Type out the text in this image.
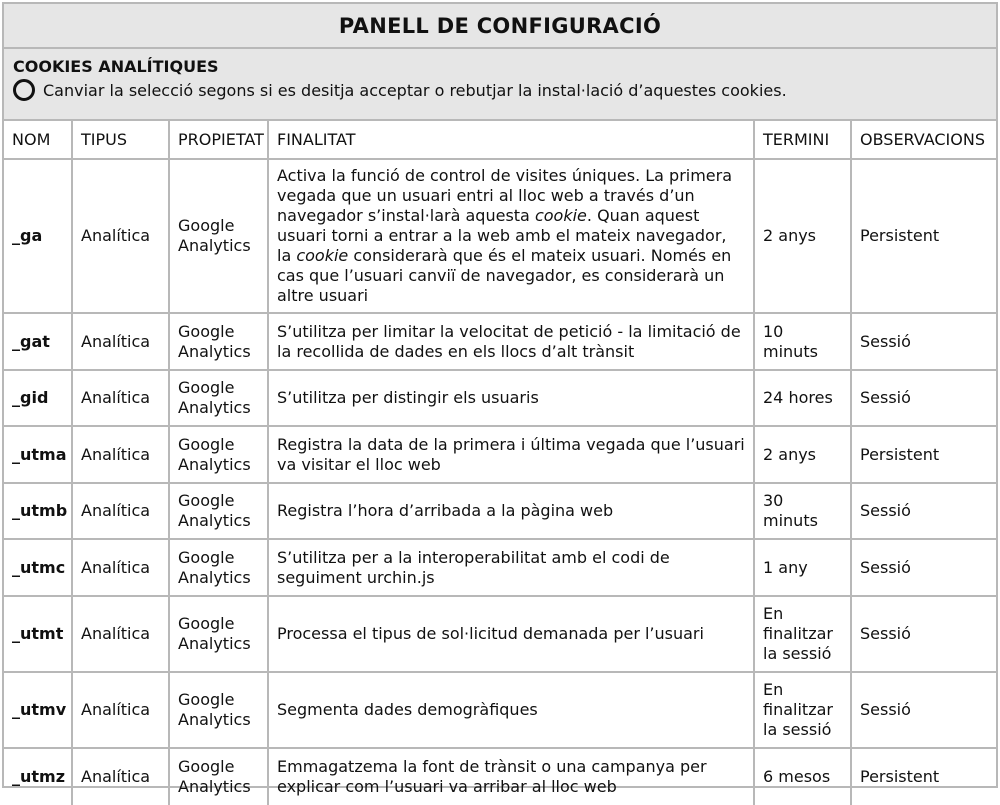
PANELL DE CONFIGURACIÓ
COOKIES ANALÍTIQUES
Canviar la selecció segons si es desitja acceptar o rebutjar la instal·lació d’aquestes cookies.
NOM	TIPUS	PROPIETAT	FINALITAT	TERMINI	OBSERVACIONS
_ga	Analítica	Google Analytics	Activa la funció de control de visites úniques. La primera vegada que un usuari entri al lloc web a través d’un navegador s’instal·larà aquesta cookie. Quan aquest usuari torni a entrar a la web amb el mateix navegador, la cookie considerarà que és el mateix usuari. Només en cas que l’usuari canviï de navegador, es considerarà un altre usuari	2 anys	Persistent
_gat	Analítica	Google Analytics	S’utilitza per limitar la velocitat de petició - la limitació de la recollida de dades en els llocs d’alt trànsit	10 minuts	Sessió
_gid	Analítica	Google Analytics	S’utilitza per distingir els usuaris	24 hores	Sessió
_utma	Analítica	Google Analytics	Registra la data de la primera i última vegada que l’usuari va visitar el lloc web	2 anys	Persistent
_utmb	Analítica	Google Analytics	Registra l’hora d’arribada a la pàgina web	30 minuts	Sessió
_utmc	Analítica	Google Analytics	S’utilitza per a la interoperabilitat amb el codi de seguiment urchin.js	1 any	Sessió
_utmt	Analítica	Google Analytics	Processa el tipus de sol·licitud demanada per l’usuari	En finalitzar la sessió	Sessió
_utmv	Analítica	Google Analytics	Segmenta dades demogràfiques	En finalitzar la sessió	Sessió
_utmz	Analítica	Google Analytics	Emmagatzema la font de trànsit o una campanya per explicar com l’usuari va arribar al lloc web	6 mesos	Persistent
